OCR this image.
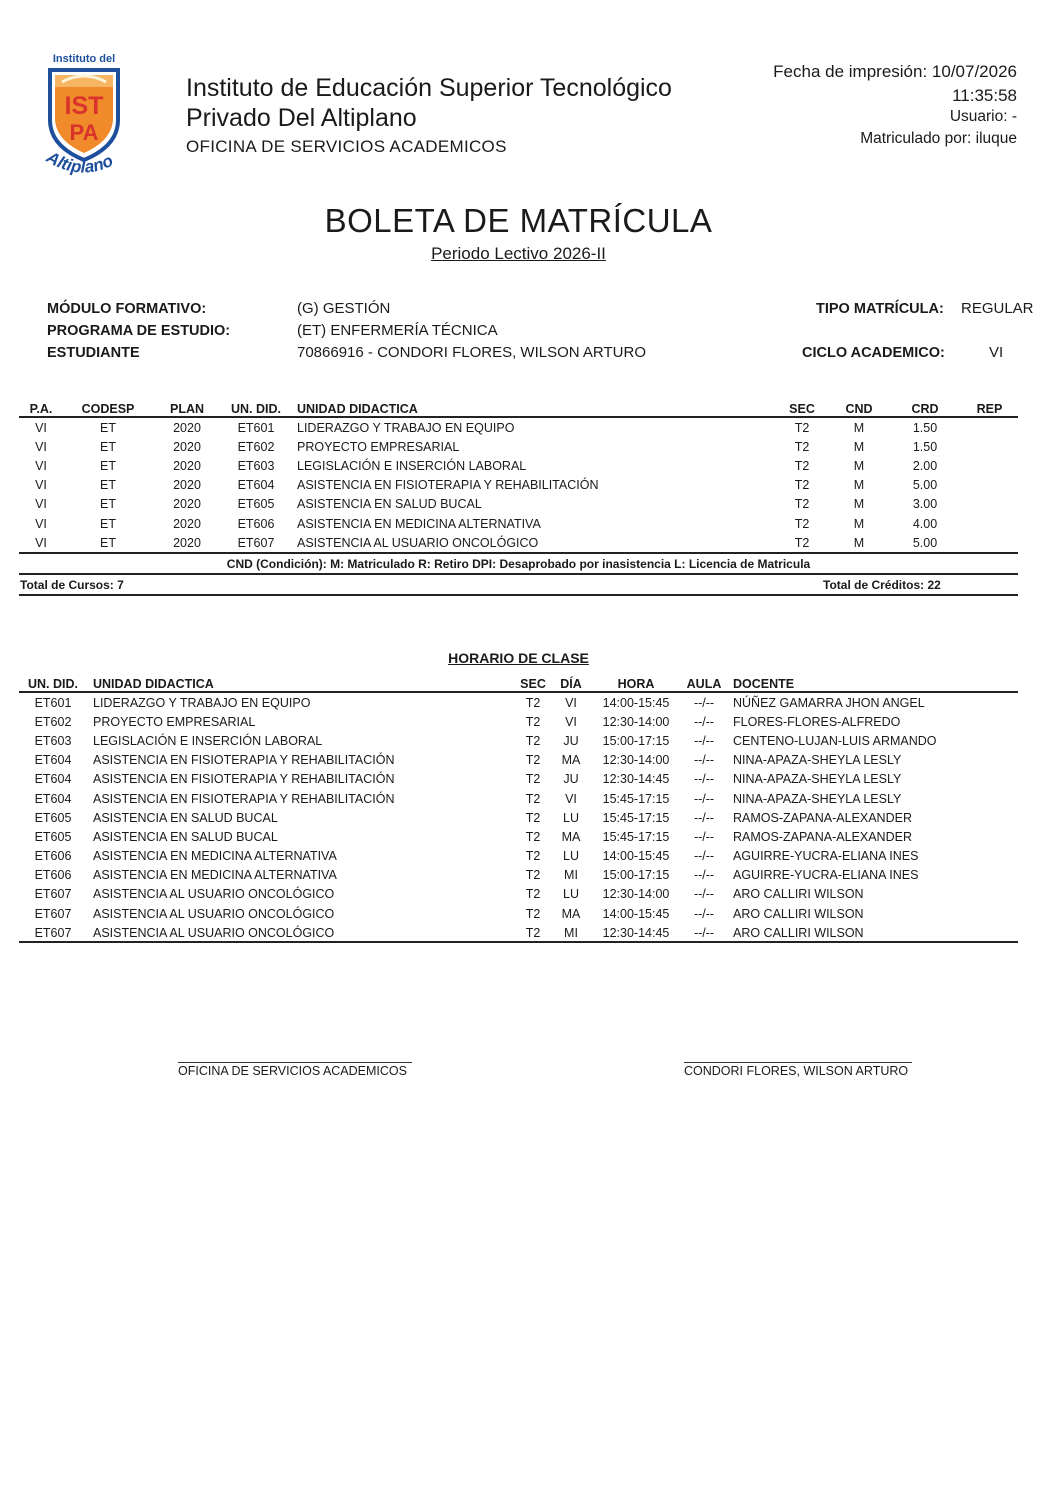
Instituto del
IST
PA
Altiplano
Instituto de Educación Superior Tecnológico
Privado Del Altiplano
OFICINA DE SERVICIOS ACADEMICOS
Fecha de impresión: 10/07/2026
11:35:58
Usuario: -
Matriculado por: iluque
BOLETA DE MATRÍCULA
Periodo Lectivo 2026-II
MÓDULO FORMATIVO:	(G) GESTIÓN
PROGRAMA DE ESTUDIO:	(ET) ENFERMERÍA TÉCNICA
ESTUDIANTE	70866916 - CONDORI FLORES, WILSON ARTURO
TIPO MATRÍCULA: REGULAR
CICLO ACADEMICO:	VI
P.A.	CODESP	PLAN	UN. DID.	UNIDAD DIDACTICA	SEC	CND	CRD	REP
VI	ET	2020	ET601	LIDERAZGO Y TRABAJO EN EQUIPO	T2	M	1.50	
VI	ET	2020	ET602	PROYECTO EMPRESARIAL	T2	M	1.50	
VI	ET	2020	ET603	LEGISLACIÓN E INSERCIÓN LABORAL	T2	M	2.00	
VI	ET	2020	ET604	ASISTENCIA EN FISIOTERAPIA Y REHABILITACIÓN	T2	M	5.00	
VI	ET	2020	ET605	ASISTENCIA EN SALUD BUCAL	T2	M	3.00	
VI	ET	2020	ET606	ASISTENCIA EN MEDICINA ALTERNATIVA	T2	M	4.00	
VI	ET	2020	ET607	ASISTENCIA AL USUARIO ONCOLÓGICO	T2	M	5.00	
CND (Condición): M: Matriculado R: Retiro DPI: Desaprobado por inasistencia L: Licencia de Matricula
Total de Cursos: 7	Total de Créditos: 22
HORARIO DE CLASE
UN. DID.	UNIDAD DIDACTICA	SEC	DÍA	HORA	AULA	DOCENTE
ET601	LIDERAZGO Y TRABAJO EN EQUIPO	T2	VI	14:00-15:45	--/--	NÚÑEZ GAMARRA JHON ANGEL
ET602	PROYECTO EMPRESARIAL	T2	VI	12:30-14:00	--/--	FLORES-FLORES-ALFREDO
ET603	LEGISLACIÓN E INSERCIÓN LABORAL	T2	JU	15:00-17:15	--/--	CENTENO-LUJAN-LUIS ARMANDO
ET604	ASISTENCIA EN FISIOTERAPIA Y REHABILITACIÓN	T2	MA	12:30-14:00	--/--	NINA-APAZA-SHEYLA LESLY
ET604	ASISTENCIA EN FISIOTERAPIA Y REHABILITACIÓN	T2	JU	12:30-14:45	--/--	NINA-APAZA-SHEYLA LESLY
ET604	ASISTENCIA EN FISIOTERAPIA Y REHABILITACIÓN	T2	VI	15:45-17:15	--/--	NINA-APAZA-SHEYLA LESLY
ET605	ASISTENCIA EN SALUD BUCAL	T2	LU	15:45-17:15	--/--	RAMOS-ZAPANA-ALEXANDER
ET605	ASISTENCIA EN SALUD BUCAL	T2	MA	15:45-17:15	--/--	RAMOS-ZAPANA-ALEXANDER
ET606	ASISTENCIA EN MEDICINA ALTERNATIVA	T2	LU	14:00-15:45	--/--	AGUIRRE-YUCRA-ELIANA INES
ET606	ASISTENCIA EN MEDICINA ALTERNATIVA	T2	MI	15:00-17:15	--/--	AGUIRRE-YUCRA-ELIANA INES
ET607	ASISTENCIA AL USUARIO ONCOLÓGICO	T2	LU	12:30-14:00	--/--	ARO CALLIRI WILSON
ET607	ASISTENCIA AL USUARIO ONCOLÓGICO	T2	MA	14:00-15:45	--/--	ARO CALLIRI WILSON
ET607	ASISTENCIA AL USUARIO ONCOLÓGICO	T2	MI	12:30-14:45	--/--	ARO CALLIRI WILSON
OFICINA DE SERVICIOS ACADEMICOS	CONDORI FLORES, WILSON ARTURO
